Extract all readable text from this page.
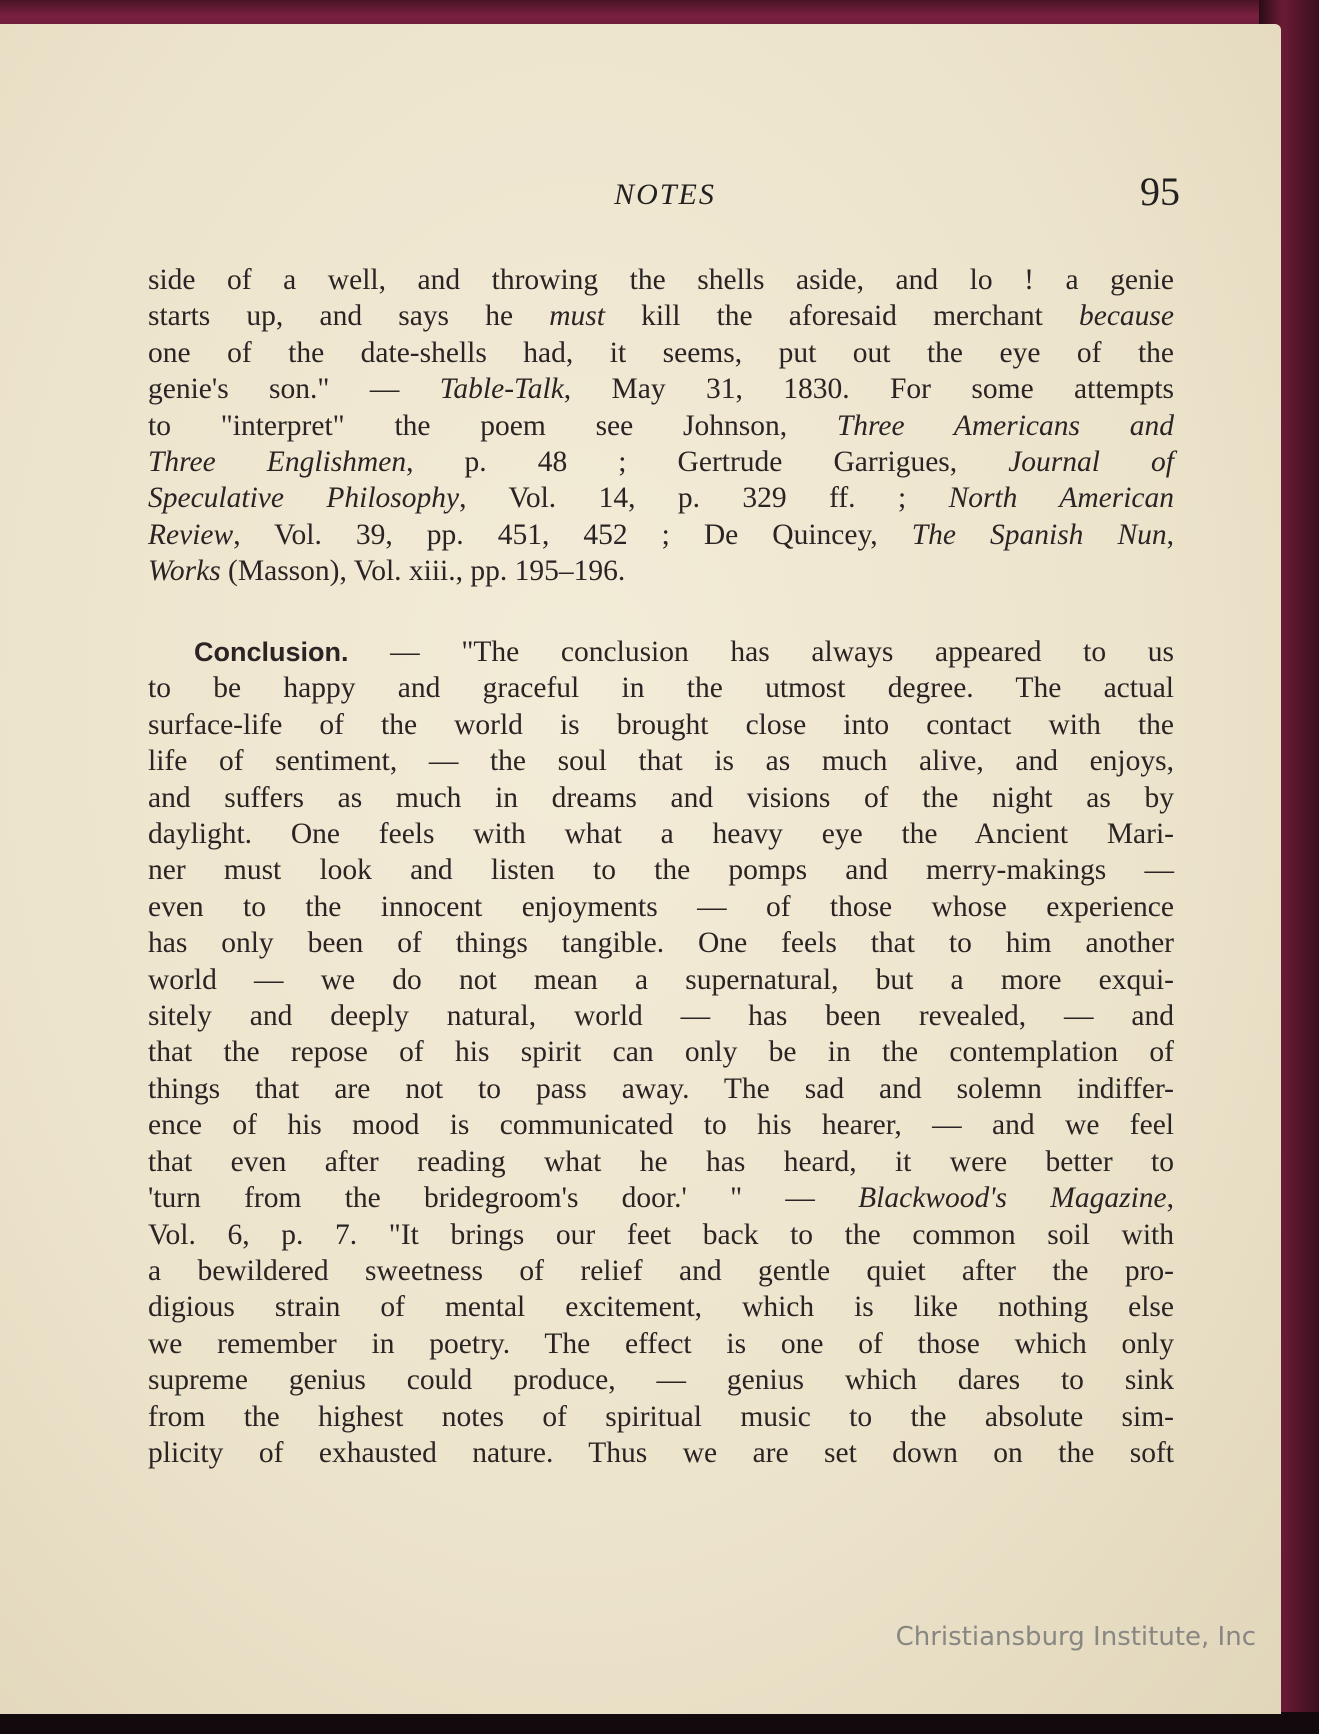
NOTES	95
side of a well, and throwing the shells aside, and lo ! a genie
starts up, and says he must kill the aforesaid merchant because
one of the date-shells had, it seems, put out the eye of the
genie's son." — Table-Talk, May 31, 1830. For some attempts
to "interpret" the poem see Johnson, Three Americans and
Three Englishmen, p. 48 ; Gertrude Garrigues, Journal of
Speculative Philosophy, Vol. 14, p. 329 ff. ; North American
Review, Vol. 39, pp. 451, 452 ; De Quincey, The Spanish Nun,
Works (Masson), Vol. xiii., pp. 195–196.
Conclusion. — "The conclusion has always appeared to us
to be happy and graceful in the utmost degree. The actual
surface-life of the world is brought close into contact with the
life of sentiment, — the soul that is as much alive, and enjoys,
and suffers as much in dreams and visions of the night as by
daylight. One feels with what a heavy eye the Ancient Mari-
ner must look and listen to the pomps and merry-makings —
even to the innocent enjoyments — of those whose experience
has only been of things tangible. One feels that to him another
world — we do not mean a supernatural, but a more exqui-
sitely and deeply natural, world — has been revealed, — and
that the repose of his spirit can only be in the contemplation of
things that are not to pass away. The sad and solemn indiffer-
ence of his mood is communicated to his hearer, — and we feel
that even after reading what he has heard, it were better to
'turn from the bridegroom's door.' " — Blackwood's Magazine,
Vol. 6, p. 7. "It brings our feet back to the common soil with
a bewildered sweetness of relief and gentle quiet after the pro-
digious strain of mental excitement, which is like nothing else
we remember in poetry. The effect is one of those which only
supreme genius could produce, — genius which dares to sink
from the highest notes of spiritual music to the absolute sim-
plicity of exhausted nature. Thus we are set down on the soft
Christiansburg Institute, Inc
